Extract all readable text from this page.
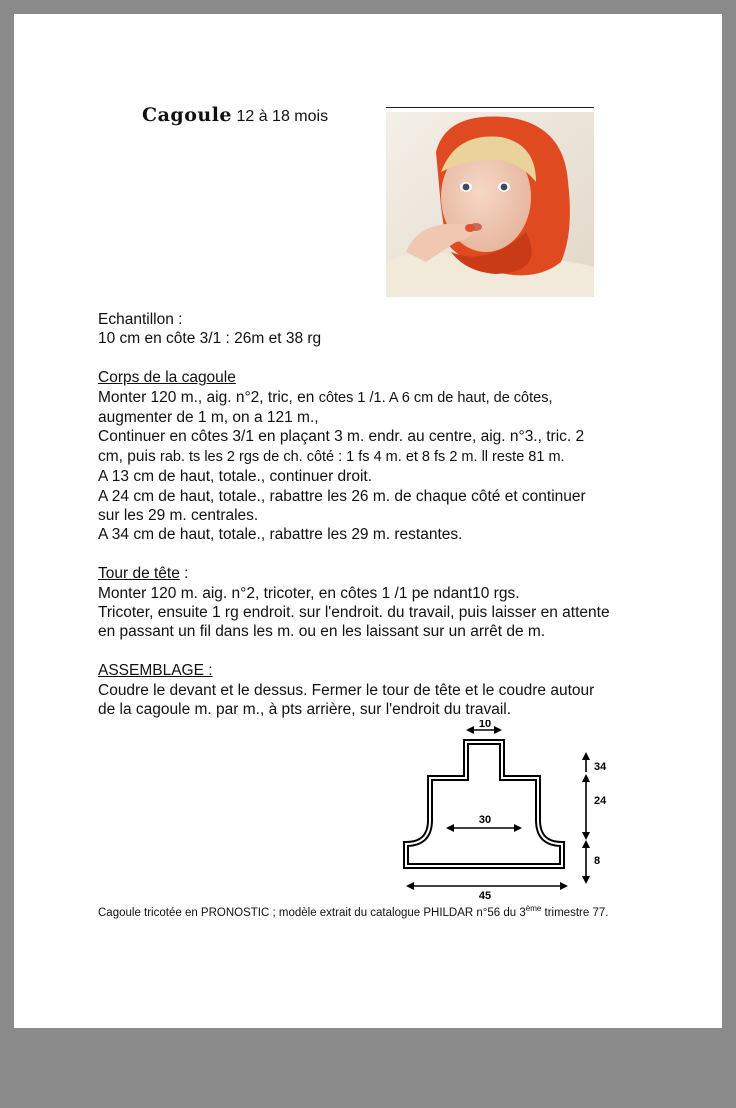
Cagoule 12 à 18 mois

Echantillon :

10 cm en côte 3/1 : 26m et 38 rg

Corps de la cagoule

Monter 120 m., aig. n°2, tric, en côtes 1 /1. A 6 cm de haut, de côtes,

augmenter de 1 m, on a 121 m.,

Continuer en côtes 3/1 en plaçant 3 m. endr. au centre, aig. n°3., tric. 2

cm, puis rab. ts les 2 rgs de ch. côté : 1 fs 4 m. et 8 fs 2 m. ll reste 81 m.

A 13 cm de haut, totale., continuer droit.

A 24 cm de haut, totale., rabattre les 26 m. de chaque côté et continuer

sur les 29 m. centrales.

A 34 cm de haut, totale., rabattre les 29 m. restantes.

Tour de tête :

Monter 120 m. aig. n°2, tricoter, en côtes 1 /1 pe ndant10 rgs.

Tricoter, ensuite 1 rg endroit. sur l'endroit. du travail, puis laisser en attente

en passant un fil dans les m. ou en les laissant sur un arrêt de m.

ASSEMBLAGE :

Coudre le devant et le dessus. Fermer le tour de tête et le coudre autour

de la cagoule m. par m., à pts arrière, sur l'endroit du travail.

10
30
45
34
24
8
Cagoule tricotée en PRONOSTIC ; modèle extrait du catalogue PHILDAR n°56 du 3ème trimestre 77.
